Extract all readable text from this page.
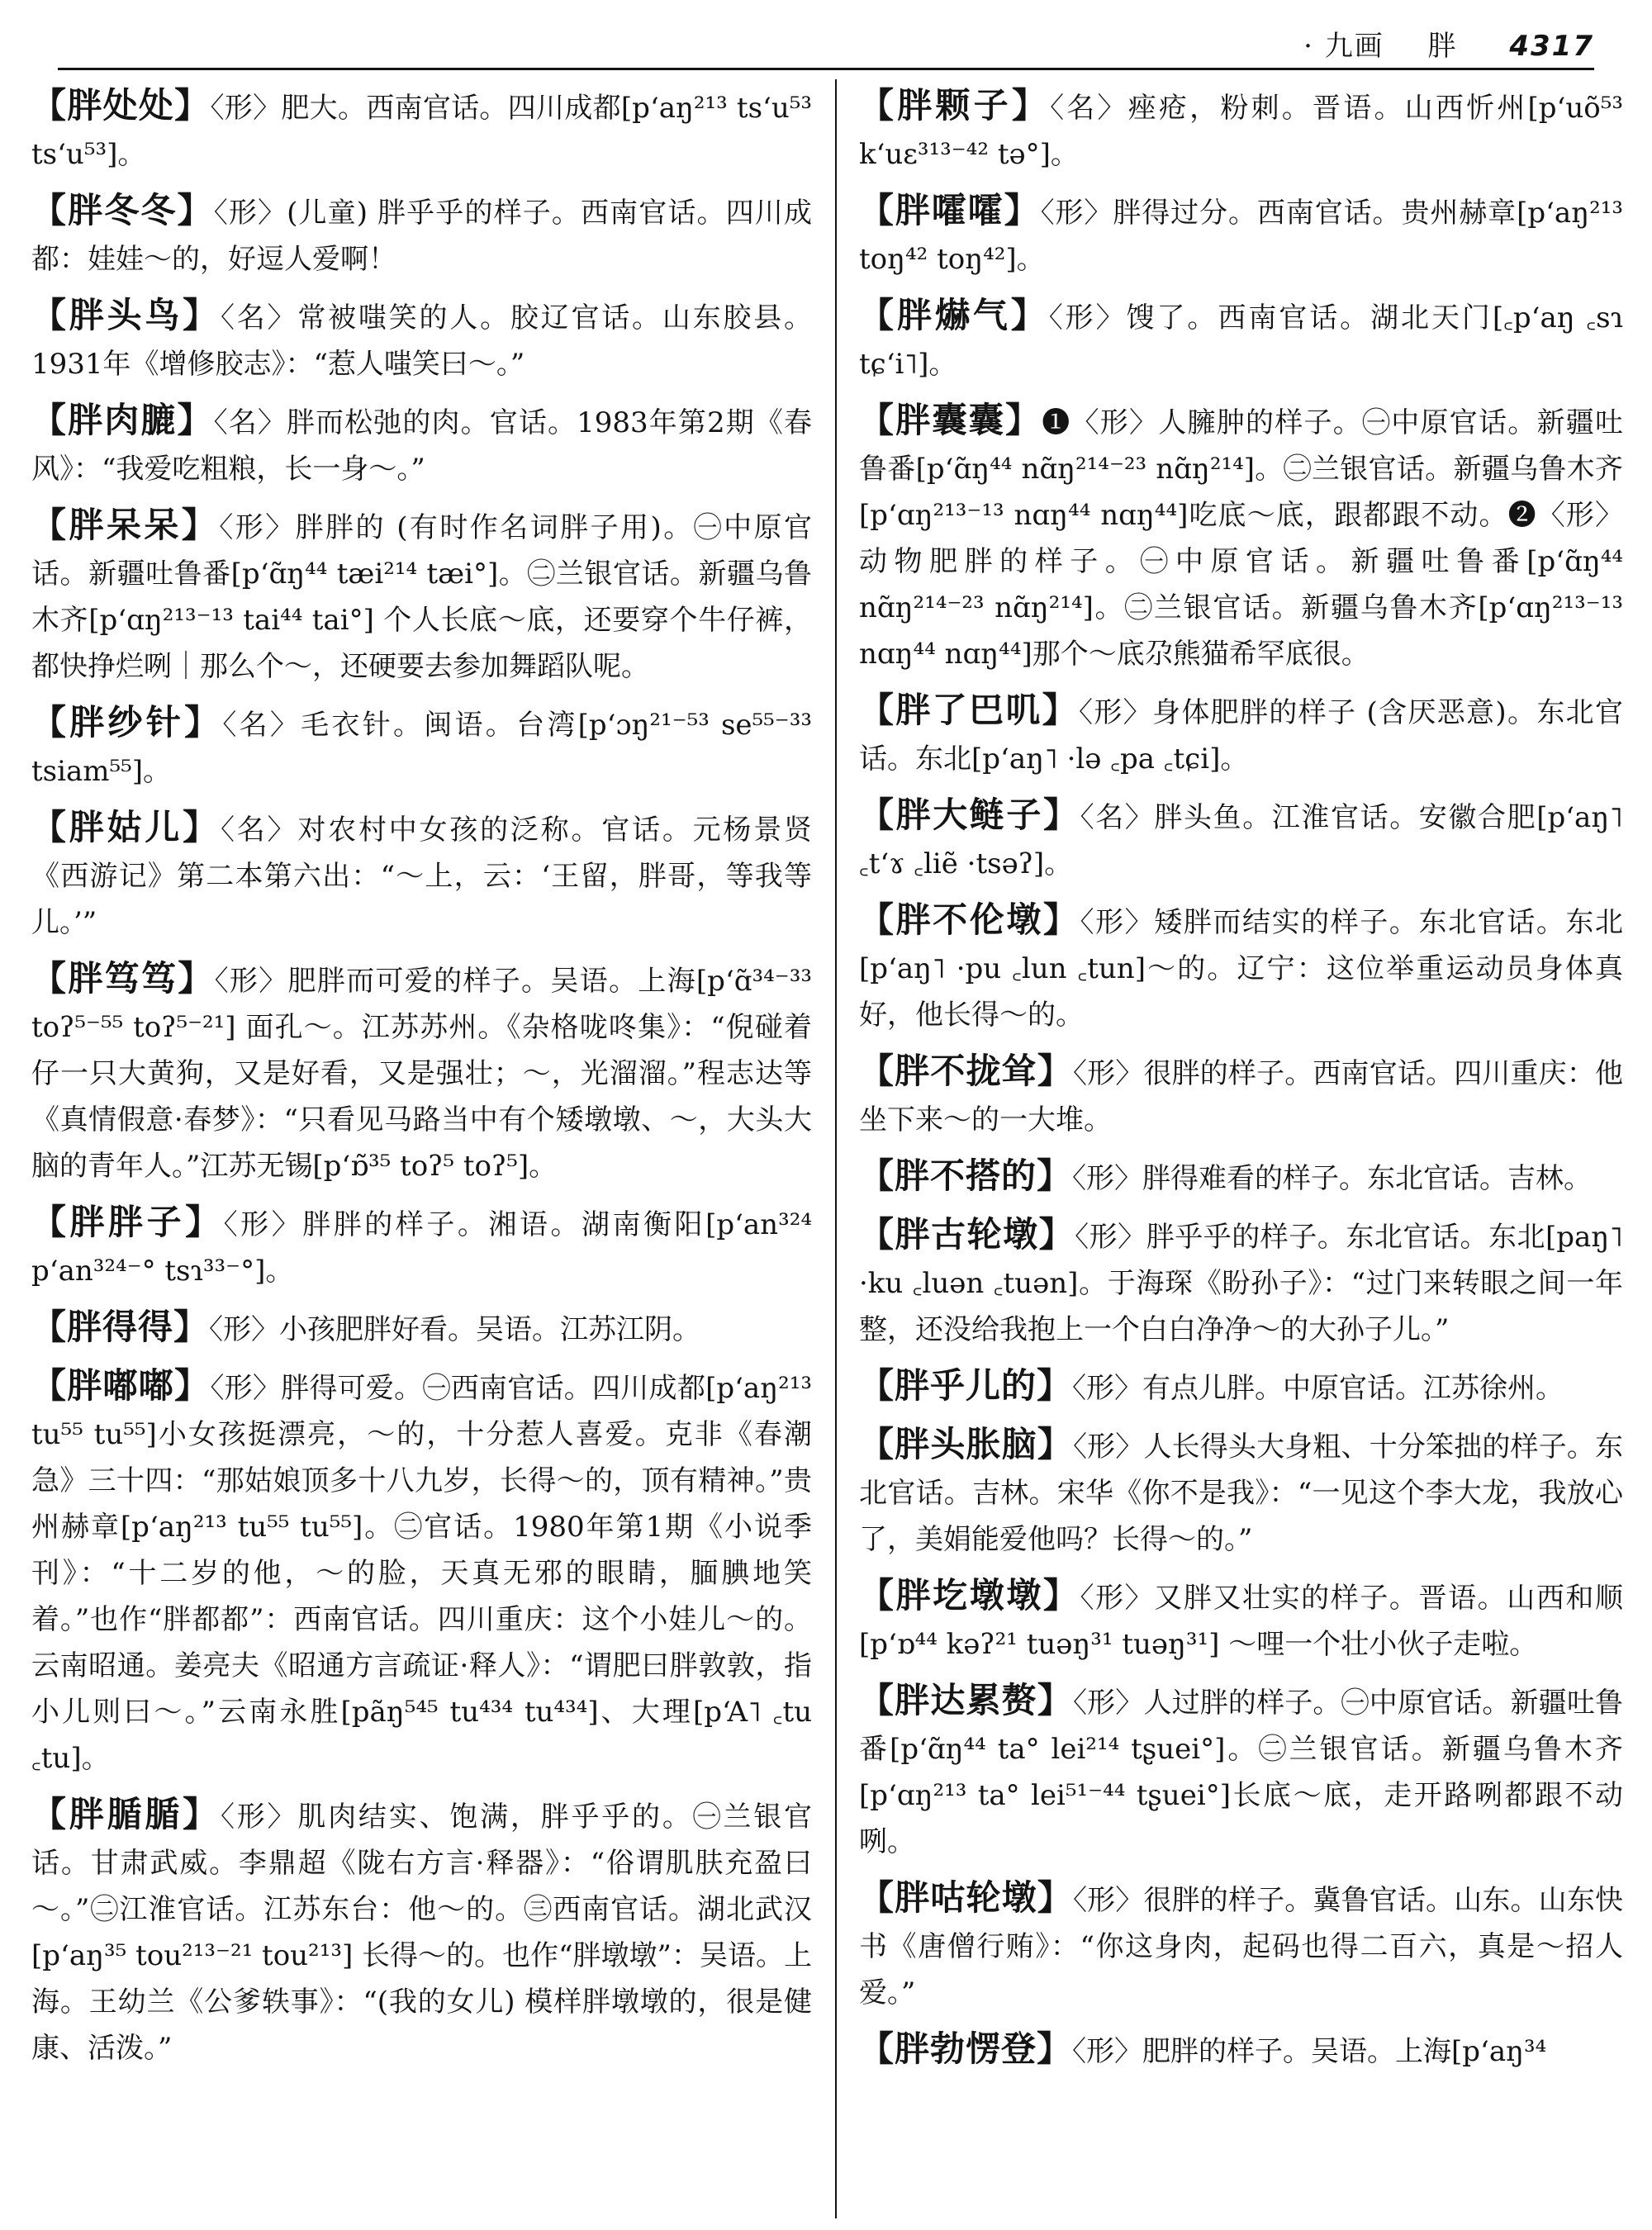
· 九画 胖 4317

【胖处处】〈形〉肥大。西南官话。四川成都[pʻaŋ²¹³ tsʻu⁵³ tsʻu⁵³]。

【胖冬冬】〈形〉(儿童) 胖乎乎的样子。西南官话。四川成都：娃娃～的，好逗人爱啊！

【胖头鸟】〈名〉常被嗤笑的人。胶辽官话。山东胶县。1931年《增修胶志》：“惹人嗤笑曰～。”

【胖肉膔】〈名〉胖而松弛的肉。官话。1983年第2期《春风》：“我爱吃粗粮，长一身～。”

【胖呆呆】〈形〉胖胖的 (有时作名词胖子用)。㊀中原官话。新疆吐鲁番[pʻɑ̃ŋ⁴⁴ tæi²¹⁴ tæi°]。㊁兰银官话。新疆乌鲁木齐[pʻɑŋ²¹³⁻¹³ tai⁴⁴ tai°] 个人长底～底，还要穿个牛仔裤，都快挣烂咧｜那么个～，还硬要去参加舞蹈队呢。

【胖纱针】〈名〉毛衣针。闽语。台湾[pʻɔŋ²¹⁻⁵³ se⁵⁵⁻³³ tsiam⁵⁵]。

【胖姑儿】〈名〉对农村中女孩的泛称。官话。元杨景贤《西游记》第二本第六出：“～上，云：‘王留，胖哥，等我等儿。’”

【胖笃笃】〈形〉肥胖而可爱的样子。吴语。上海[pʻɑ̃³⁴⁻³³ toʔ⁵⁻⁵⁵ toʔ⁵⁻²¹] 面孔～。江苏苏州。《杂格咙咚集》：“倪碰着仔一只大黄狗，又是好看，又是强壮；～，光溜溜。”程志达等《真情假意·春梦》：“只看见马路当中有个矮墩墩、～，大头大脑的青年人。”江苏无锡[pʻɒ̃³⁵ toʔ⁵ toʔ⁵]。

【胖胖子】〈形〉胖胖的样子。湘语。湖南衡阳[pʻan³²⁴ pʻan³²⁴⁻° tsɿ³³⁻°]。

【胖得得】〈形〉小孩肥胖好看。吴语。江苏江阴。

【胖嘟嘟】〈形〉胖得可爱。㊀西南官话。四川成都[pʻaŋ²¹³ tu⁵⁵ tu⁵⁵]小女孩挺漂亮，～的，十分惹人喜爱。克非《春潮急》三十四：“那姑娘顶多十八九岁，长得～的，顶有精神。”贵州赫章[pʻaŋ²¹³ tu⁵⁵ tu⁵⁵]。㊁官话。1980年第1期《小说季刊》：“十二岁的他，～的脸，天真无邪的眼睛，腼腆地笑着。”也作“胖都都”：西南官话。四川重庆：这个小娃儿～的。云南昭通。姜亮夫《昭通方言疏证·释人》：“谓肥曰胖敦敦，指小儿则曰～。”云南永胜[pãŋ⁵⁴⁵ tu⁴³⁴ tu⁴³⁴]、大理[pʻA˥ ꜀tu ꜀tu]。

【胖腯腯】〈形〉肌肉结实、饱满，胖乎乎的。㊀兰银官话。甘肃武威。李鼎超《陇右方言·释器》：“俗谓肌肤充盈曰～。”㊁江淮官话。江苏东台：他～的。㊂西南官话。湖北武汉[pʻaŋ³⁵ tou²¹³⁻²¹ tou²¹³] 长得～的。也作“胖墩墩”：吴语。上海。王幼兰《公爹轶事》：“(我的女儿) 模样胖墩墩的，很是健康、活泼。”

【胖颗子】〈名〉痤疮，粉刺。晋语。山西忻州[pʻuõ⁵³ kʻuɛ³¹³⁻⁴² tə°]。

【胖嚯嚯】〈形〉胖得过分。西南官话。贵州赫章[pʻaŋ²¹³ toŋ⁴² toŋ⁴²]。

【胖爀气】〈形〉馊了。西南官话。湖北天门[꜀pʻaŋ ꜀sɿ tɕʻi˥]。

【胖囊囊】❶〈形〉人臃肿的样子。㊀中原官话。新疆吐鲁番[pʻɑ̃ŋ⁴⁴ nɑ̃ŋ²¹⁴⁻²³ nɑ̃ŋ²¹⁴]。㊁兰银官话。新疆乌鲁木齐[pʻɑŋ²¹³⁻¹³ nɑŋ⁴⁴ nɑŋ⁴⁴]吃底～底，跟都跟不动。❷〈形〉动物肥胖的样子。㊀中原官话。新疆吐鲁番[pʻɑ̃ŋ⁴⁴ nɑ̃ŋ²¹⁴⁻²³ nɑ̃ŋ²¹⁴]。㊁兰银官话。新疆乌鲁木齐[pʻɑŋ²¹³⁻¹³ nɑŋ⁴⁴ nɑŋ⁴⁴]那个～底尕熊猫希罕底很。

【胖了巴叽】〈形〉身体肥胖的样子 (含厌恶意)。东北官话。东北[pʻaŋ˥ ·lə ꜀pa ꜀tɕi]。

【胖大鲢子】〈名〉胖头鱼。江淮官话。安徽合肥[pʻaŋ˥ ꜀tʻɤ ꜀liẽ ·tsəʔ]。

【胖不伦墩】〈形〉矮胖而结实的样子。东北官话。东北[pʻaŋ˥ ·pu ꜀lun ꜀tun]～的。辽宁：这位举重运动员身体真好，他长得～的。

【胖不拢耸】〈形〉很胖的样子。西南官话。四川重庆：他坐下来～的一大堆。

【胖不搭的】〈形〉胖得难看的样子。东北官话。吉林。

【胖古轮墩】〈形〉胖乎乎的样子。东北官话。东北[paŋ˥ ·ku ꜀luən ꜀tuən]。于海琛《盼孙子》：“过门来转眼之间一年整，还没给我抱上一个白白净净～的大孙子儿。”

【胖乎儿的】〈形〉有点儿胖。中原官话。江苏徐州。

【胖头胀脑】〈形〉人长得头大身粗、十分笨拙的样子。东北官话。吉林。宋华《你不是我》：“一见这个李大龙，我放心了，美娟能爱他吗？长得～的。”

【胖圪墩墩】〈形〉又胖又壮实的样子。晋语。山西和顺[pʻɒ⁴⁴ kəʔ²¹ tuəŋ³¹ tuəŋ³¹] ～哩一个壮小伙子走啦。

【胖达累赘】〈形〉人过胖的样子。㊀中原官话。新疆吐鲁番[pʻɑ̃ŋ⁴⁴ ta° lei²¹⁴ tʂuei°]。㊁兰银官话。新疆乌鲁木齐[pʻɑŋ²¹³ ta° lei⁵¹⁻⁴⁴ tʂuei°]长底～底，走开路咧都跟不动咧。

【胖咕轮墩】〈形〉很胖的样子。冀鲁官话。山东。山东快书《唐僧行贿》：“你这身肉，起码也得二百六，真是～招人爱。”

【胖勃愣登】〈形〉肥胖的样子。吴语。上海[pʻaŋ³⁴
